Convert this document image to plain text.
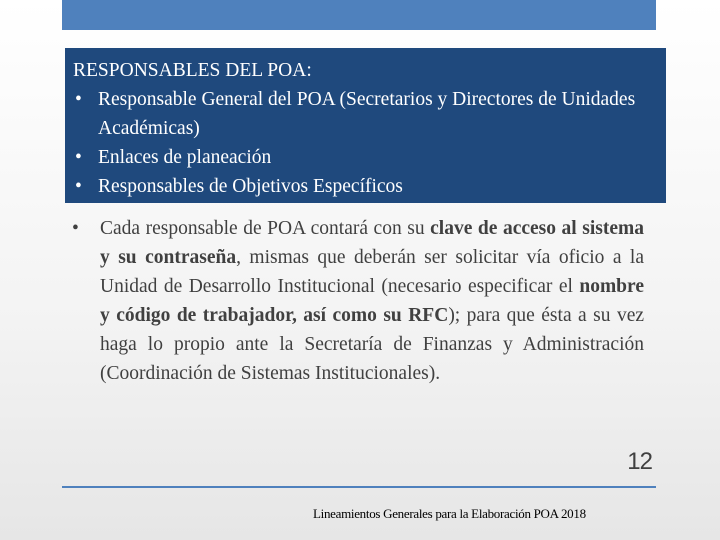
RESPONSABLES DEL POA:

• Responsable General del POA (Secretarios y Directores de Unidades Académicas)
• Enlaces de planeación
• Responsables de Objetivos Específicos
• Cada responsable de POA contará con su clave de acceso al sistema y su contraseña, mismas que deberán ser solicitar vía oficio a la Unidad de Desarrollo Institucional (necesario especificar el nombre y código de trabajador, así como su RFC); para que ésta a su vez haga lo propio ante la Secretaría de Finanzas y Administración (Coordinación de Sistemas Institucionales).
12
Lineamientos Generales para la Elaboración POA 2018
